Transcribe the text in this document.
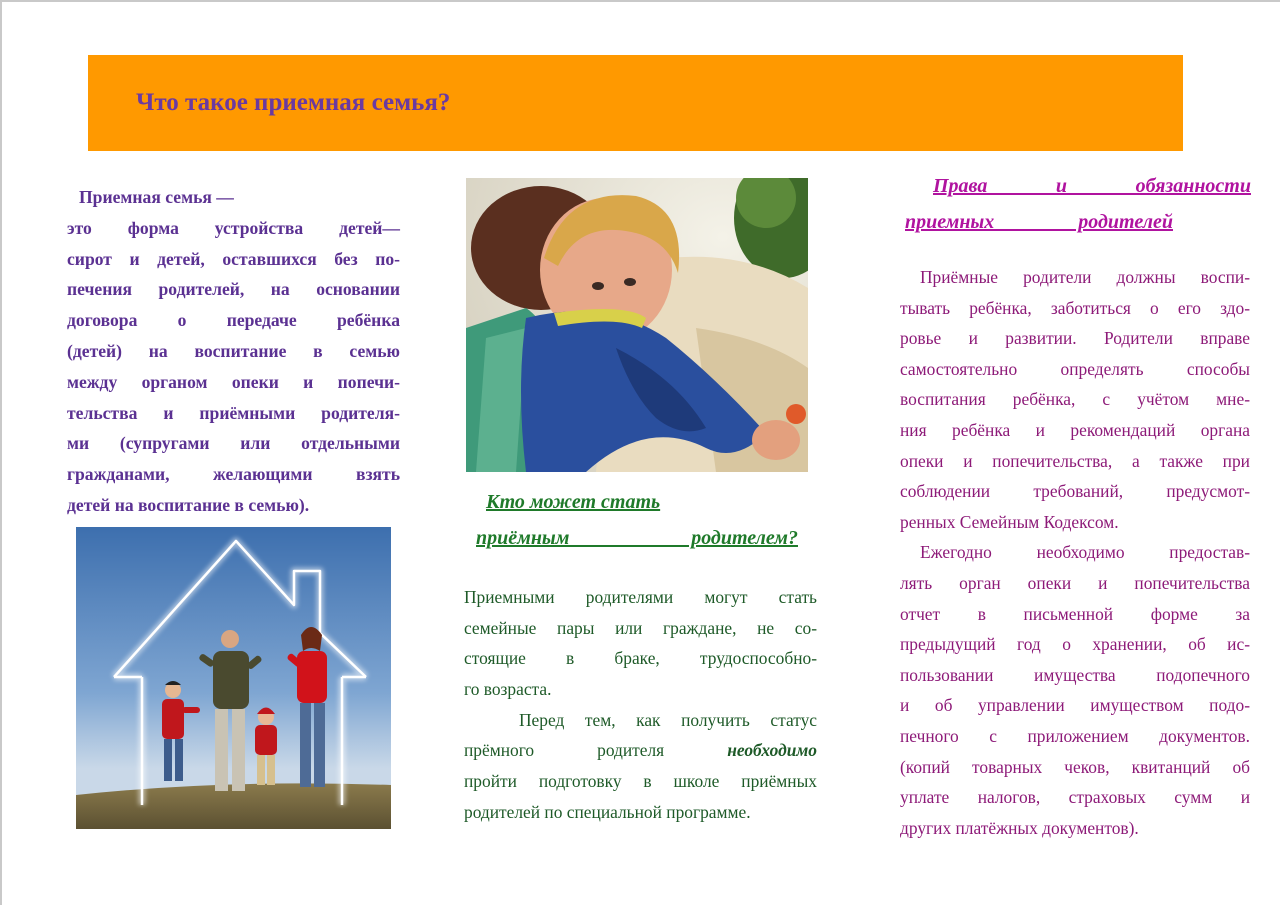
Что такое приемная семья?
Приемная семья —
это форма устройства детей—
сирот и детей, оставшихся без по-
печения родителей, на основании
договора о передаче ребёнка
(детей) на воспитание в семью
между органом опеки и попечи-
тельства и приёмными родителя-
ми (супругами или отдельными
гражданами, желающими взять
детей на воспитание в семью).	Кто может стать
приёмным родителем?
Приемными родителями могут стать
семейные пары или граждане, не со-
стоящие в браке, трудоспособно-
го возраста.
Перед тем, как получить статус
прёмного родителя	необходимо
пройти подготовку в школе приёмных
родителей по специальной программе.
Права и обязанности
приемных родителей
Приёмные родители должны воспи-
тывать ребёнка, заботиться о его здо-
ровье и развитии. Родители вправе
самостоятельно определять способы
воспитания ребёнка, с учётом мне-
ния ребёнка и рекомендаций органа
опеки и попечительства, а также при
соблюдении требований, предусмот-
ренных Семейным Кодексом.
Ежегодно необходимо предостав-
лять орган опеки и попечительства
отчет в письменной форме за
предыдущий год о хранении, об ис-
пользовании имущества подопечного
и об управлении имуществом подо-
печного с приложением документов.
(копий товарных чеков, квитанций об
уплате налогов, страховых сумм и
других платёжных документов).
